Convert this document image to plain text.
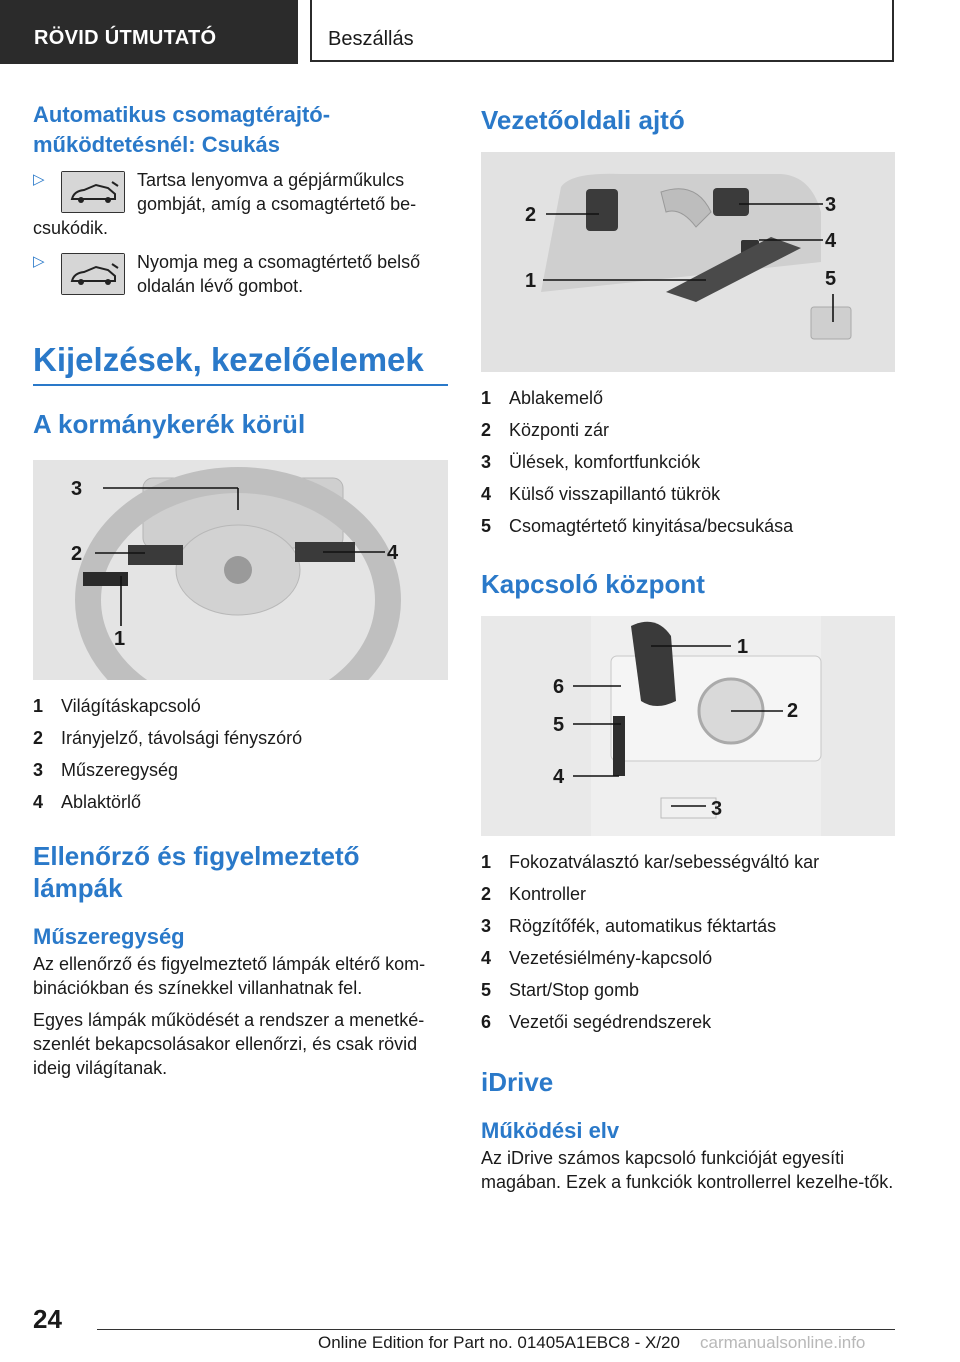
RÖVID ÚTMUTATÓ	Beszállás
Automatikus csomagtérajtó-működtetésnél: Csukás
▷	Tartsa lenyomva a gépjárműkulcs gombját, amíg a csomagtértető be-csukódik.
▷	Nyomja meg a csomagtértető belső oldalán lévő gombot.
Kijelzések, kezelőelemek
A kormánykerék körül
3
2	4
1
1 Világításkapcsoló
2 Irányjelző, távolsági fényszóró
3 Műszeregység
4 Ablaktörlő
Ellenőrző és figyelmeztető lámpák
Műszeregység

Az ellenőrző és figyelmeztető lámpák eltérő kom-binációkban és színekkel villanhatnak fel.

Egyes lámpák működését a rendszer a menetké-szenlét bekapcsolásakor ellenőrzi, és csak rövid ideig világítanak.

Vezetőoldali ajtó
2	3
4
1	5
1 Ablakemelő
2 Központi zár
3 Ülések, komfortfunkciók
4 Külső visszapillantó tükrök
5 Csomagtértető kinyitása/becsukása
Kapcsoló központ
1
6
5
2
4
3
1 Fokozatválasztó kar/sebességváltó kar
2 Kontroller
3 Rögzítőfék, automatikus féktartás
4 Vezetésiélmény-kapcsoló
5 Start/Stop gomb
6 Vezetői segédrendszerek
iDrive
Működési elv

Az iDrive számos kapcsoló funkcióját egyesíti magában. Ezek a funkciók kontrollerrel kezelhe-tők.

24
Online Edition for Part no. 01405A1EBC8 - X/20 carmanualsonline.info
